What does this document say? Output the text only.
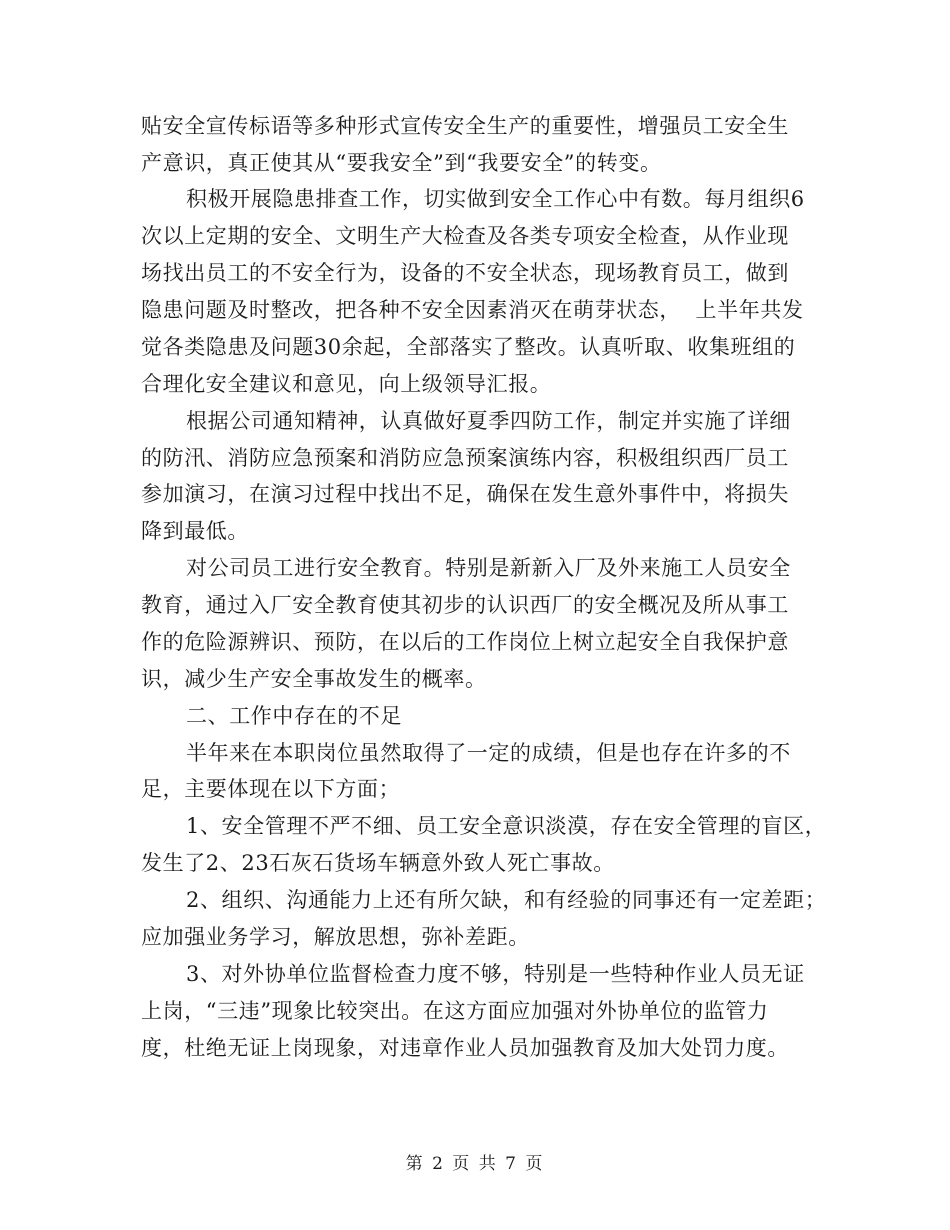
贴安全宣传标语等多种形式宣传安全生产的重要性，增强员工安全生
产意识，真正使其从“要我安全”到“我要安全”的转变。
积极开展隐患排查工作，切实做到安全工作心中有数。每月组织6
次以上定期的安全、文明生产大检查及各类专项安全检查，从作业现
场找出员工的不安全行为，设备的不安全状态，现场教育员工，做到
隐患问题及时整改，把各种不安全因素消灭在萌芽状态，  上半年共发
觉各类隐患及问题30余起，全部落实了整改。认真听取、收集班组的
合理化安全建议和意见，向上级领导汇报。
根据公司通知精神，认真做好夏季四防工作，制定并实施了详细
的防汛、消防应急预案和消防应急预案演练内容，积极组织西厂员工
参加演习，在演习过程中找出不足，确保在发生意外事件中，将损失
降到最低。
对公司员工进行安全教育。特别是新新入厂及外来施工人员安全
教育，通过入厂安全教育使其初步的认识西厂的安全概况及所从事工
作的危险源辨识、预防，在以后的工作岗位上树立起安全自我保护意
识，减少生产安全事故发生的概率。
二、工作中存在的不足
半年来在本职岗位虽然取得了一定的成绩，但是也存在许多的不
足，主要体现在以下方面；
1、安全管理不严不细、员工安全意识淡漠，存在安全管理的盲区，
发生了2、23石灰石货场车辆意外致人死亡事故。
2、组织、沟通能力上还有所欠缺，和有经验的同事还有一定差距；
应加强业务学习，解放思想，弥补差距。
3、对外协单位监督检查力度不够，特别是一些特种作业人员无证
上岗，“三违”现象比较突出。在这方面应加强对外协单位的监管力
度，杜绝无证上岗现象，对违章作业人员加强教育及加大处罚力度。
第 2 页 共 7 页
